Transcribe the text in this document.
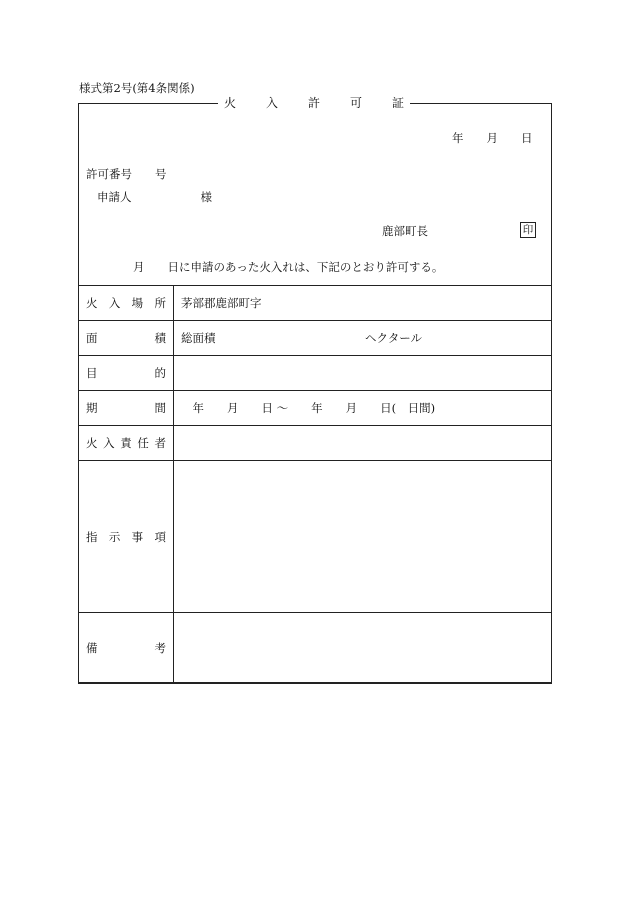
様式第2号(第4条関係)
火 入 許 可 証
年　　月　　日
許可番号　　号
申請人　　　　　　様
鹿部町長	印
月　　日に申請のあった火入れは、下記のとおり許可する。
火 入 場 所	茅部郡鹿部町字

面 積	総面積　　　　　　　　　　　　　ヘクタール

目 的	

期 間	　年　　月　　日 〜　　年　　月　　日(　日間)

火 入 責 任 者	

指 示 事 項	

備 考	
